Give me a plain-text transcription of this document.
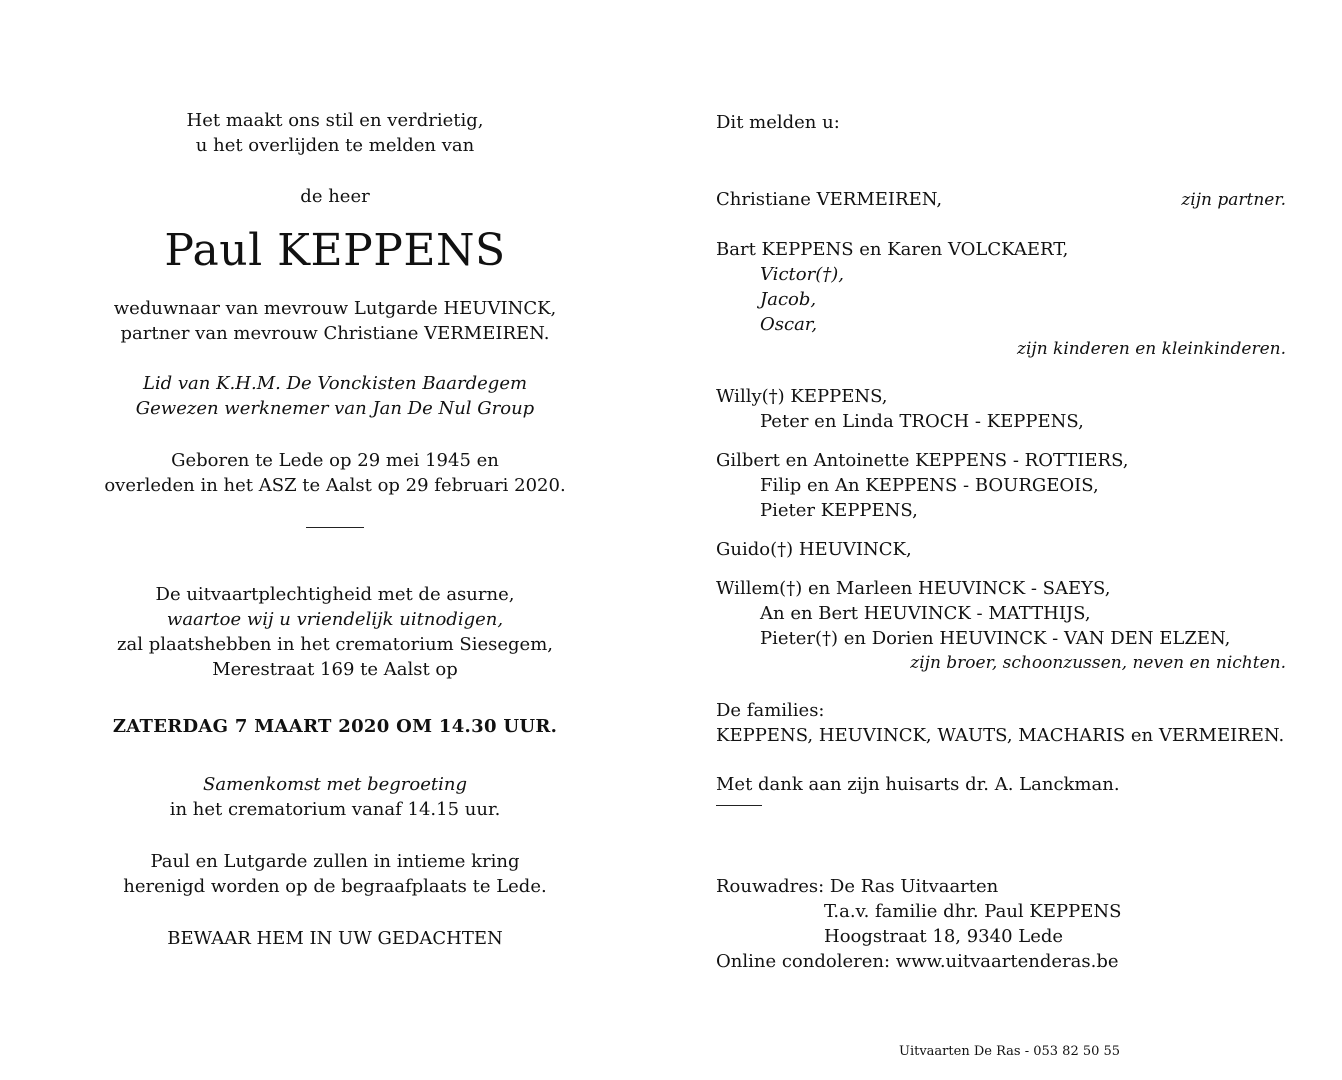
Het maakt ons stil en verdrietig,
u het overlijden te melden van
de heer
Paul KEPPENS
weduwnaar van mevrouw Lutgarde HEUVINCK,
partner van mevrouw Christiane VERMEIREN.
Lid van K.H.M. De Vonckisten Baardegem
Gewezen werknemer van Jan De Nul Group
Geboren te Lede op 29 mei 1945 en
overleden in het ASZ te Aalst op 29 februari 2020.
De uitvaartplechtigheid met de asurne,
waartoe wij u vriendelijk uitnodigen,
zal plaatshebben in het crematorium Siesegem,
Merestraat 169 te Aalst op
ZATERDAG 7 MAART 2020 OM 14.30 UUR.
Samenkomst met begroeting
in het crematorium vanaf 14.15 uur.
Paul en Lutgarde zullen in intieme kring
herenigd worden op de begraafplaats te Lede.
BEWAAR HEM IN UW GEDACHTEN
Dit melden u:
Christiane VERMEIREN,	zijn partner.
Bart KEPPENS en Karen VOLCKAERT,
Victor(†),
Jacob,
Oscar,
zijn kinderen en kleinkinderen.
Willy(†) KEPPENS,
Peter en Linda TROCH - KEPPENS,
Gilbert en Antoinette KEPPENS - ROTTIERS,
Filip en An KEPPENS - BOURGEOIS,
Pieter KEPPENS,
Guido(†) HEUVINCK,
Willem(†) en Marleen HEUVINCK - SAEYS,
An en Bert HEUVINCK - MATTHIJS,
Pieter(†) en Dorien HEUVINCK - VAN DEN ELZEN,
zijn broer, schoonzussen, neven en nichten.
De families:
KEPPENS, HEUVINCK, WAUTS, MACHARIS en VERMEIREN.
Met dank aan zijn huisarts dr. A. Lanckman.
Rouwadres: De Ras Uitvaarten
T.a.v. familie dhr. Paul KEPPENS
Hoogstraat 18, 9340 Lede
Online condoleren: www.uitvaartenderas.be
Uitvaarten De Ras - 053 82 50 55
